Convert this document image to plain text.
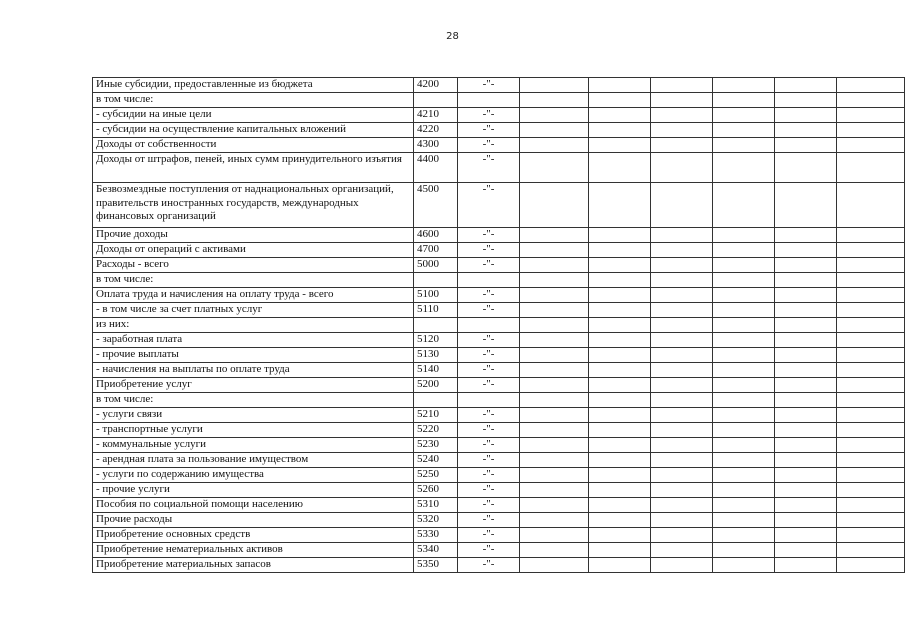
28
Иные субсидии, предоставленные из бюджета	4200	-"-						
в том числе:								
- субсидии на иные цели	4210	-"-						
- субсидии на осуществление капитальных вложений	4220	-"-						
Доходы от собственности	4300	-"-						
Доходы от штрафов, пеней, иных сумм принудительного изъятия	4400	-"-						
Безвозмездные поступления от наднациональных организаций, правительств иностранных государств, международных финансовых организаций	4500	-"-						
Прочие доходы	4600	-"-						
Доходы от операций с активами	4700	-"-						
Расходы - всего	5000	-"-						
в том числе:								
Оплата труда и начисления на оплату труда - всего	5100	-"-						
- в том числе за счет платных услуг	5110	-"-						
из них:								
- заработная плата	5120	-"-						
- прочие выплаты	5130	-"-						
- начисления на выплаты по оплате труда	5140	-"-						
Приобретение услуг	5200	-"-						
в том числе:								
- услуги связи	5210	-"-						
- транспортные услуги	5220	-"-						
- коммунальные услуги	5230	-"-						
- арендная плата за пользование имуществом	5240	-"-						
- услуги по содержанию имущества	5250	-"-						
- прочие услуги	5260	-"-						
Пособия по социальной помощи населению	5310	-"-						
Прочие расходы	5320	-"-						
Приобретение основных средств	5330	-"-						
Приобретение нематериальных активов	5340	-"-						
Приобретение материальных запасов	5350	-"-						
